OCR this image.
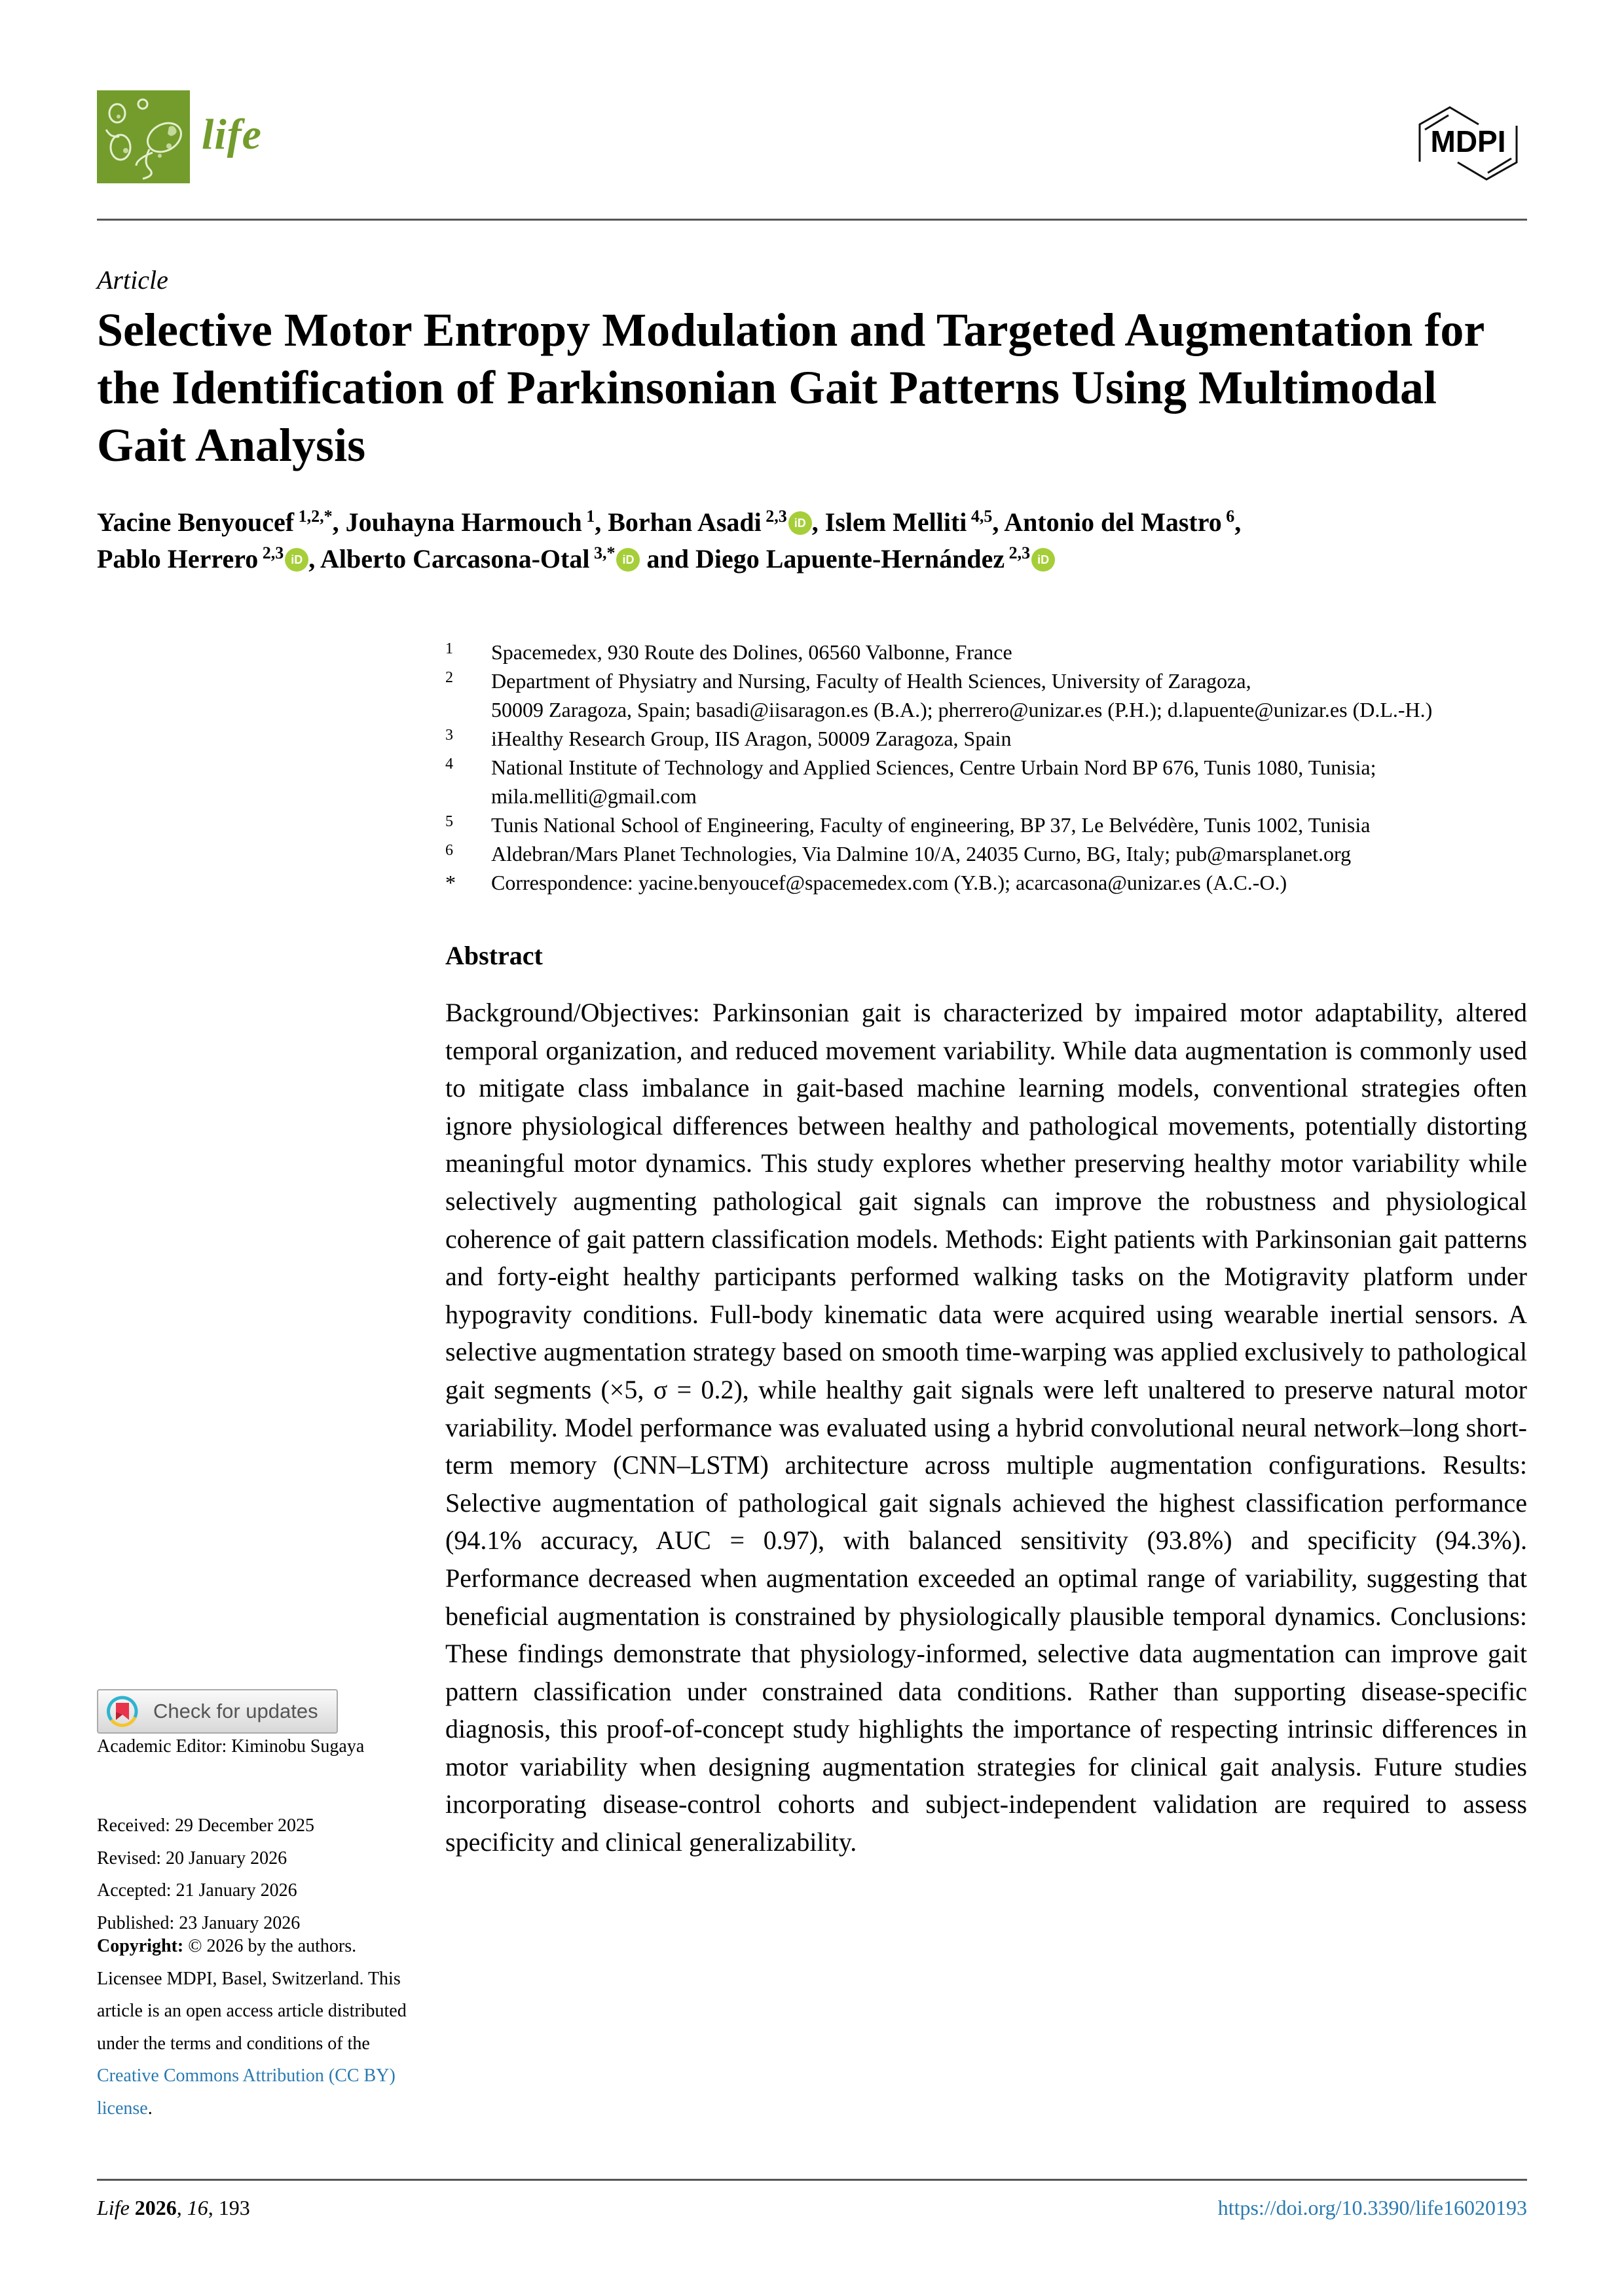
life	MDPI
Article
Selective Motor Entropy Modulation and Targeted Augmentation for the Identification of Parkinsonian Gait Patterns Using Multimodal Gait Analysis
Yacine Benyoucef $^{1,2,*}$, Jouhayna Harmouch $^1$, Borhan Asadi $^{2,3}$ iD , Islem Melliti $^{4,5}$, Antonio del Mastro $^6$,
Pablo Herrero $^{2,3}$ iD , Alberto Carcasona-Otal $^{3,*}$ iD and Diego Lapuente-Hernández $^{2,3}$ iD
1	Spacemedex, 930 Route des Dolines, 06560 Valbonne, France
2	Department of Physiatry and Nursing, Faculty of Health Sciences, University of Zaragoza,
50009 Zaragoza, Spain; basadi@iisaragon.es (B.A.); pherrero@unizar.es (P.H.); d.lapuente@unizar.es (D.L.-H.)
3	iHealthy Research Group, IIS Aragon, 50009 Zaragoza, Spain
4	National Institute of Technology and Applied Sciences, Centre Urbain Nord BP 676, Tunis 1080, Tunisia;
mila.melliti@gmail.com
5	Tunis National School of Engineering, Faculty of engineering, BP 37, Le Belvédère, Tunis 1002, Tunisia
6	Aldebran/Mars Planet Technologies, Via Dalmine 10/A, 24035 Curno, BG, Italy; pub@marsplanet.org
*	Correspondence: yacine.benyoucef@spacemedex.com (Y.B.); acarcasona@unizar.es (A.C.-O.)
Abstract
Background/Objectives: Parkinsonian gait is characterized by impaired motor adaptability, altered temporal organization, and reduced movement variability. While data augmentation is commonly used to mitigate class imbalance in gait-based machine learning models, conventional strategies often ignore physiological differences between healthy and pathological movements, potentially distorting meaningful motor dynamics. This study explores whether preserving healthy motor variability while selectively augmenting pathological gait signals can improve the robustness and physiological coherence of gait pattern classification models. Methods: Eight patients with Parkinsonian gait patterns and forty-eight healthy participants performed walking tasks on the Motigravity platform under hypogravity conditions. Full-body kinematic data were acquired using wearable inertial sensors. A selective augmentation strategy based on smooth time-warping was applied exclusively to pathological gait segments (×5, σ = 0.2), while healthy gait signals were left unaltered to preserve natural motor variability. Model performance was evaluated using a hybrid convolutional neural network–long short-term memory (CNN–LSTM) architecture across multiple augmentation configurations. Results: Selective augmentation of pathological gait signals achieved the highest classification performance (94.1% accuracy, AUC = 0.97), with balanced sensitivity (93.8%) and specificity (94.3%). Performance decreased when augmentation exceeded an optimal range of variability, suggesting that beneficial augmentation is constrained by physiologically plausible temporal dynamics. Conclusions: These findings demonstrate that physiology-informed, selective data augmentation can improve gait pattern classification under constrained data conditions. Rather than supporting disease-specific diagnosis, this proof-of-concept study highlights the importance of respecting intrinsic differences in motor variability when designing augmentation strategies for clinical gait analysis. Future studies incorporating disease-control cohorts and subject-independent validation are required to assess specificity and clinical generalizability.
Check for updates
Academic Editor: Kiminobu Sugaya
Received: 29 December 2025
Revised: 20 January 2026
Accepted: 21 January 2026
Published: 23 January 2026
Copyright: © 2026 by the authors. Licensee MDPI, Basel, Switzerland. This article is an open access article distributed under the terms and conditions of the Creative Commons Attribution (CC BY) license.
Life 2026, 16, 193	https://doi.org/10.3390/life16020193
